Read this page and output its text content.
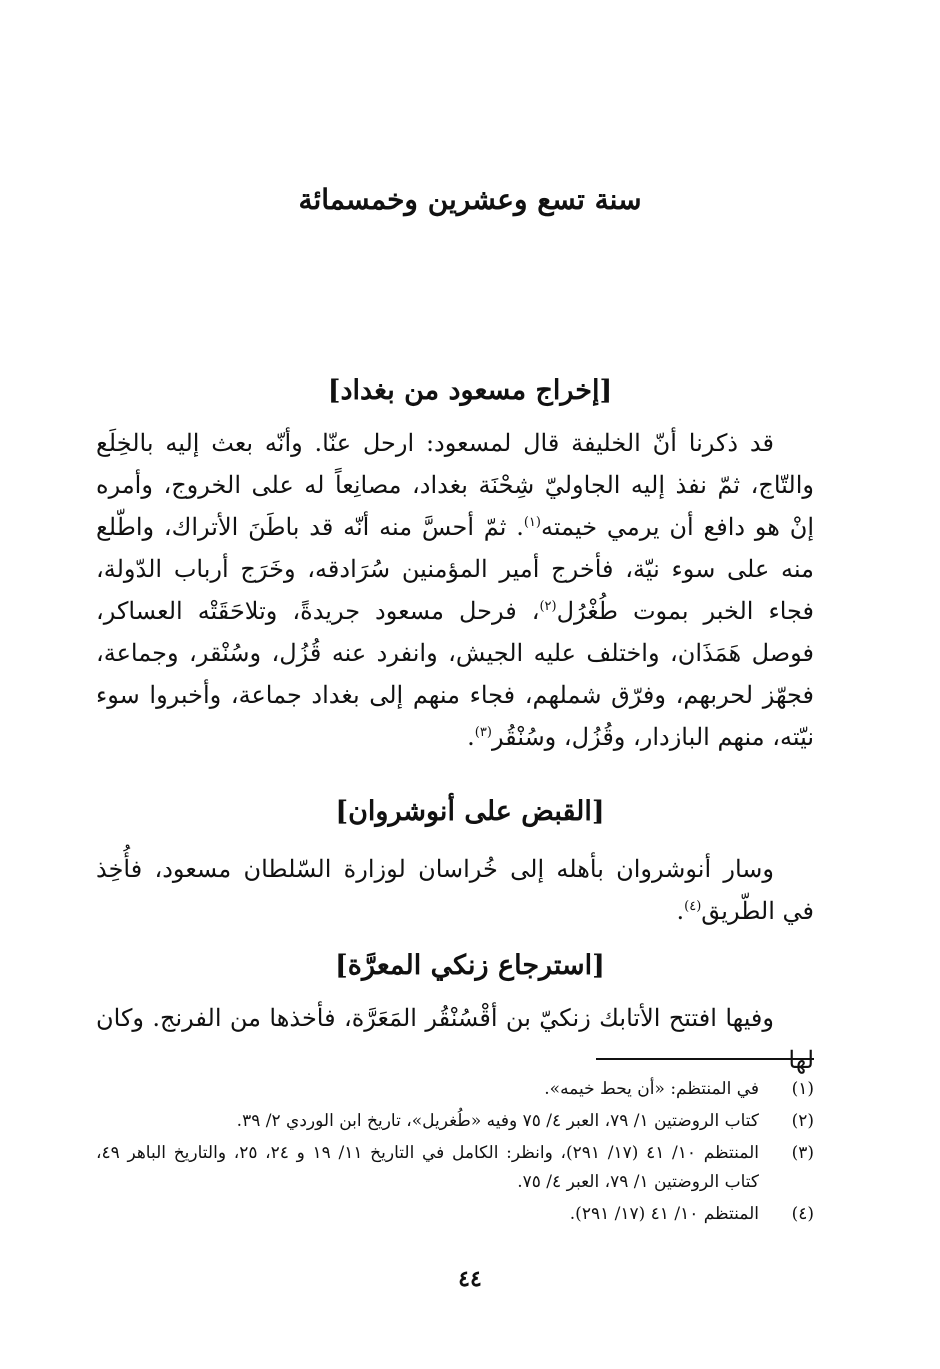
سنة تسع وعشرين وخمسمائة
[إخراج مسعود من بغداد]

قد ذكرنا أنّ الخليفة قال لمسعود: ارحل عنّا. وأنّه بعث إليه بالخِلَع والتّاج، ثمّ نفذ إليه الجاوليّ شِحْنَة بغداد، مصانِعاً له على الخروج، وأمره إنْ هو دافع أن يرمي خيمته$^{(١)}$. ثمّ أحسَّ منه أنّه قد باطَنَ الأتراك، واطّلع منه على سوء نيّة، فأخرج أمير المؤمنين سُرَادقه، وخَرَج أرباب الدّولة، فجاء الخبر بموت طُغْرُل$^{(٢)}$، فرحل مسعود جريدةً، وتلاحَقَتْه العساكر، فوصل هَمَذَان، واختلف عليه الجيش، وانفرد عنه قُزُل، وسُنْقر، وجماعة، فجهّز لحربهم، وفرّق شملهم، فجاء منهم إلى بغداد جماعة، وأخبروا سوء نيّته، منهم البازدار، وقُزُل، وسُنْقُر$^{(٣)}$.

[القبض على أنوشروان]

وسار أنوشروان بأهله إلى خُراسان لوزارة السّلطان مسعود، فأُخِذ في الطّريق$^{(٤)}$.

[استرجاع زنكي المعرَّة]

وفيها افتتح الأتابك زنكيّ بن أقْسُنْقُر المَعَرَّة، فأخذها من الفرنج. وكان لها

(١)
في المنتظم: «أن يحط خيمه».
(٢)
كتاب الروضتين ١/ ٧٩، العبر ٤/ ٧٥ وفيه «طُغريل»، تاريخ ابن الوردي ٢/ ٣٩.
(٣)
المنتظم ١٠/ ٤١ (١٧/ ٢٩١)، وانظر: الكامل في التاريخ ١١/ ١٩ و ٢٤، ٢٥، والتاريخ الباهر ٤٩، كتاب الروضتين ١/ ٧٩، العبر ٤/ ٧٥.
(٤)
المنتظم ١٠/ ٤١ (١٧/ ٢٩١).
٤٤
